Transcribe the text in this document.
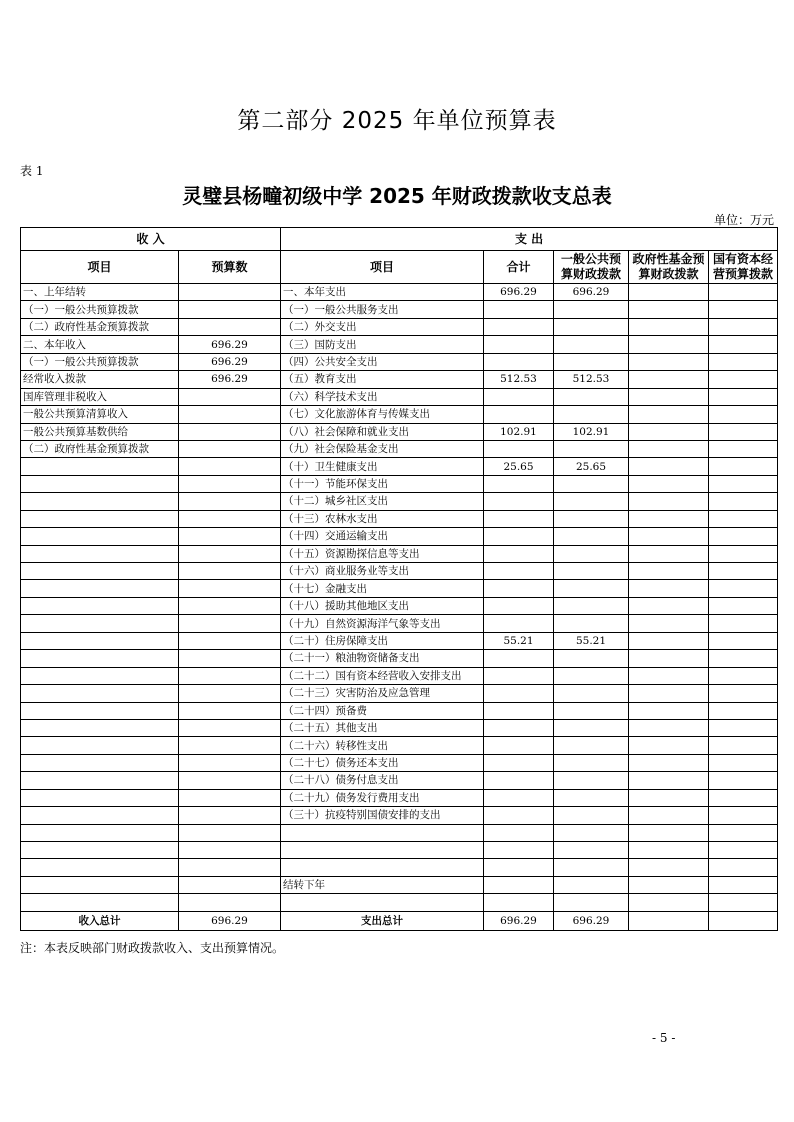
第二部分 2025 年单位预算表
表 1
灵璧县杨疃初级中学 2025 年财政拨款收支总表
单位：万元
收 入		支 出				
项目	预算数	项目	合计	一般公共预算财政拨款	政府性基金预算财政拨款	国有资本经营预算拨款
一、上年结转		一、本年支出	696.29	696.29		
（一）一般公共预算拨款		（一）一般公共服务支出				
（二）政府性基金预算拨款		（二）外交支出				
二、本年收入	696.29	（三）国防支出				
（一）一般公共预算拨款	696.29	（四）公共安全支出				
经常收入拨款	696.29	（五）教育支出	512.53	512.53		
国库管理非税收入		（六）科学技术支出				
一般公共预算清算收入		（七）文化旅游体育与传媒支出				
一般公共预算基数供给		（八）社会保障和就业支出	102.91	102.91		
（二）政府性基金预算拨款		（九）社会保险基金支出				
		（十）卫生健康支出	25.65	25.65		
		（十一）节能环保支出				
		（十二）城乡社区支出				
		（十三）农林水支出				
		（十四）交通运输支出				
		（十五）资源勘探信息等支出				
		（十六）商业服务业等支出				
		（十七）金融支出				
		（十八）援助其他地区支出				
		（十九）自然资源海洋气象等支出				
		（二十）住房保障支出	55.21	55.21		
		（二十一）粮油物资储备支出				
		（二十二）国有资本经营收入安排支出				
		（二十三）灾害防治及应急管理				
		（二十四）预备费				
		（二十五）其他支出				
		（二十六）转移性支出				
		（二十七）债务还本支出				
		（二十八）债务付息支出				
		（二十九）债务发行费用支出				
		（三十）抗疫特别国债安排的支出				

		结转下年				

收入总计	696.29	支出总计	696.29	696.29		
注：本表反映部门财政拨款收入、支出预算情况。
- 5 -
